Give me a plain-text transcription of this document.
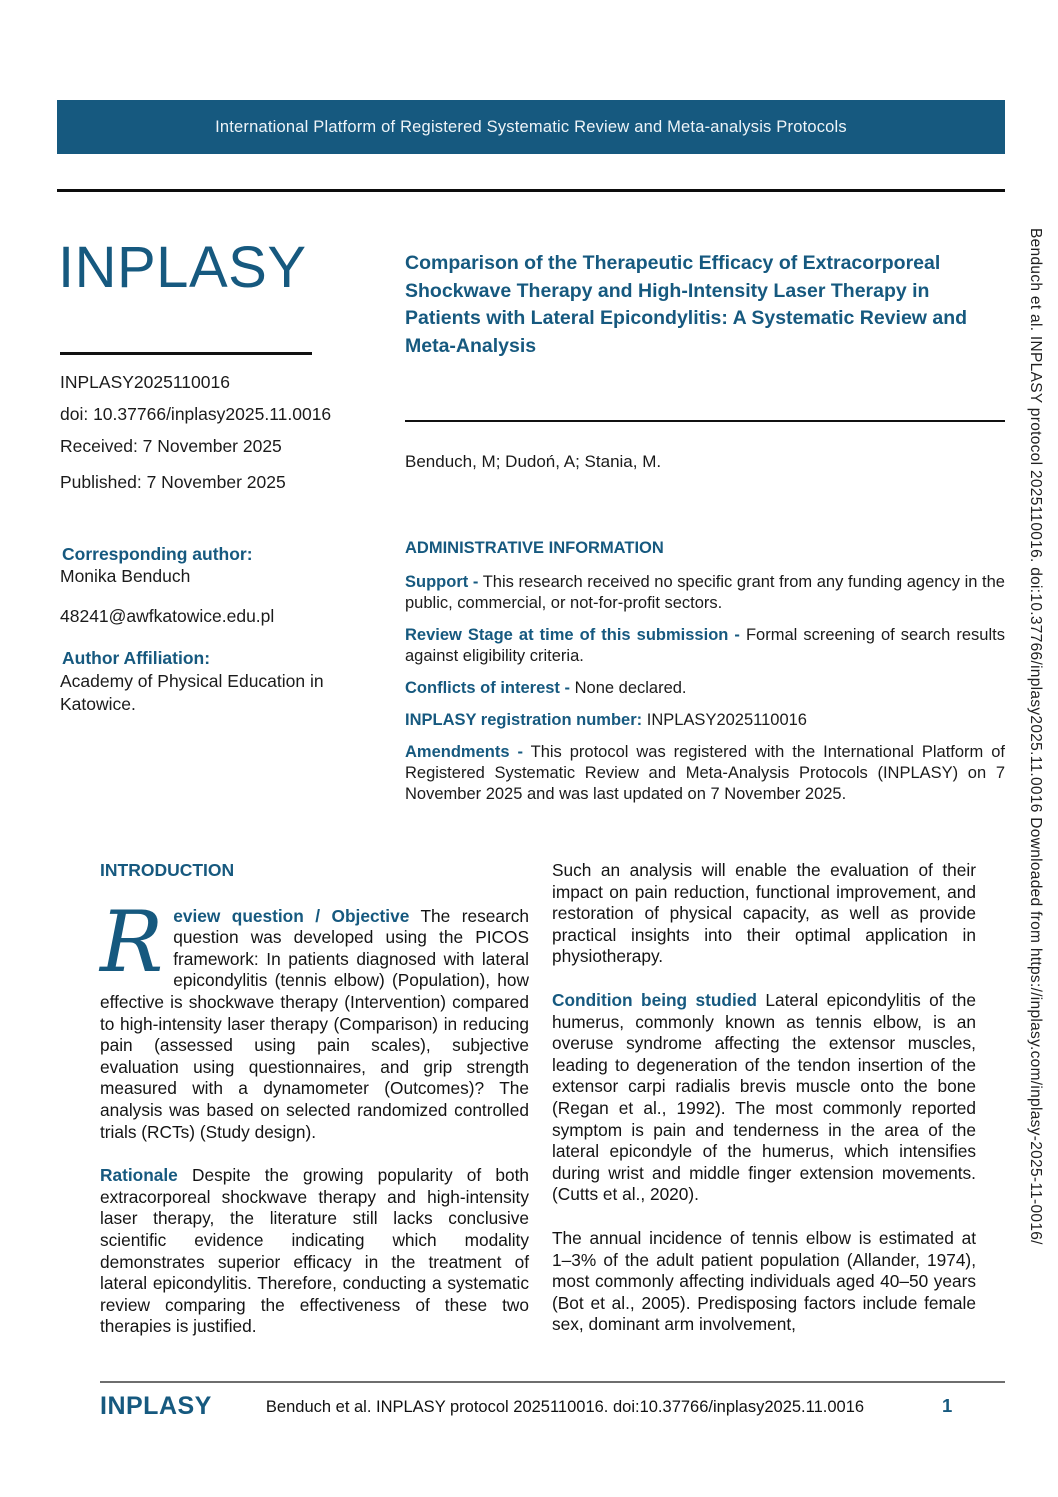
International Platform of Registered Systematic Review and Meta-analysis Protocols
INPLASY
INPLASY2025110016
doi: 10.37766/inplasy2025.11.0016
Received: 7 November 2025
Published: 7 November 2025
Corresponding author:
Monika Benduch
48241@awfkatowice.edu.pl
Author Affiliation:
Academy of Physical Education in Katowice.
Comparison of the Therapeutic Efficacy of Extracorporeal Shockwave Therapy and High-Intensity Laser Therapy in Patients with Lateral Epicondylitis: A Systematic Review and Meta-Analysis
Benduch, M; Dudoń, A; Stania, M.
ADMINISTRATIVE INFORMATION

Support - This research received no specific grant from any funding agency in the public, commercial, or not-for-profit sectors.

Review Stage at time of this submission - Formal screening of search results against eligibility criteria.

Conflicts of interest - None declared.

INPLASY registration number: INPLASY2025110016

Amendments - This protocol was registered with the International Platform of Registered Systematic Review and Meta-Analysis Protocols (INPLASY) on 7 November 2025 and was last updated on 7 November 2025.

INTRODUCTION

Review question / Objective The research question was developed using the PICOS framework: In patients diagnosed with lateral epicondylitis (tennis elbow) (Population), how effective is shockwave therapy (Intervention) compared to high-intensity laser therapy (Comparison) in reducing pain (assessed using pain scales), subjective evaluation using questionnaires, and grip strength measured with a dynamometer (Outcomes)? The analysis was based on selected randomized controlled trials (RCTs) (Study design).

Rationale Despite the growing popularity of both extracorporeal shockwave therapy and high-intensity laser therapy, the literature still lacks conclusive scientific evidence indicating which modality demonstrates superior efficacy in the treatment of lateral epicondylitis. Therefore, conducting a systematic review comparing the effectiveness of these two therapies is justified.

Such an analysis will enable the evaluation of their impact on pain reduction, functional improvement, and restoration of physical capacity, as well as provide practical insights into their optimal application in physiotherapy.

Condition being studied Lateral epicondylitis of the humerus, commonly known as tennis elbow, is an overuse syndrome affecting the extensor muscles, leading to degeneration of the tendon insertion of the extensor carpi radialis brevis muscle onto the bone (Regan et al., 1992). The most commonly reported symptom is pain and tenderness in the area of the lateral epicondyle of the humerus, which intensifies during wrist and middle finger extension movements. (Cutts et al., 2020).

The annual incidence of tennis elbow is estimated at 1–3% of the adult patient population (Allander, 1974), most commonly affecting individuals aged 40–50 years (Bot et al., 2005). Predisposing factors include female sex, dominant arm involvement,

INPLASY	Benduch et al. INPLASY protocol 2025110016. doi:10.37766/inplasy2025.11.0016	1
Benduch et al. INPLASY protocol 2025110016. doi:10.37766/inplasy2025.11.0016 Downloaded from https://inplasy.com/inplasy-2025-11-0016/
